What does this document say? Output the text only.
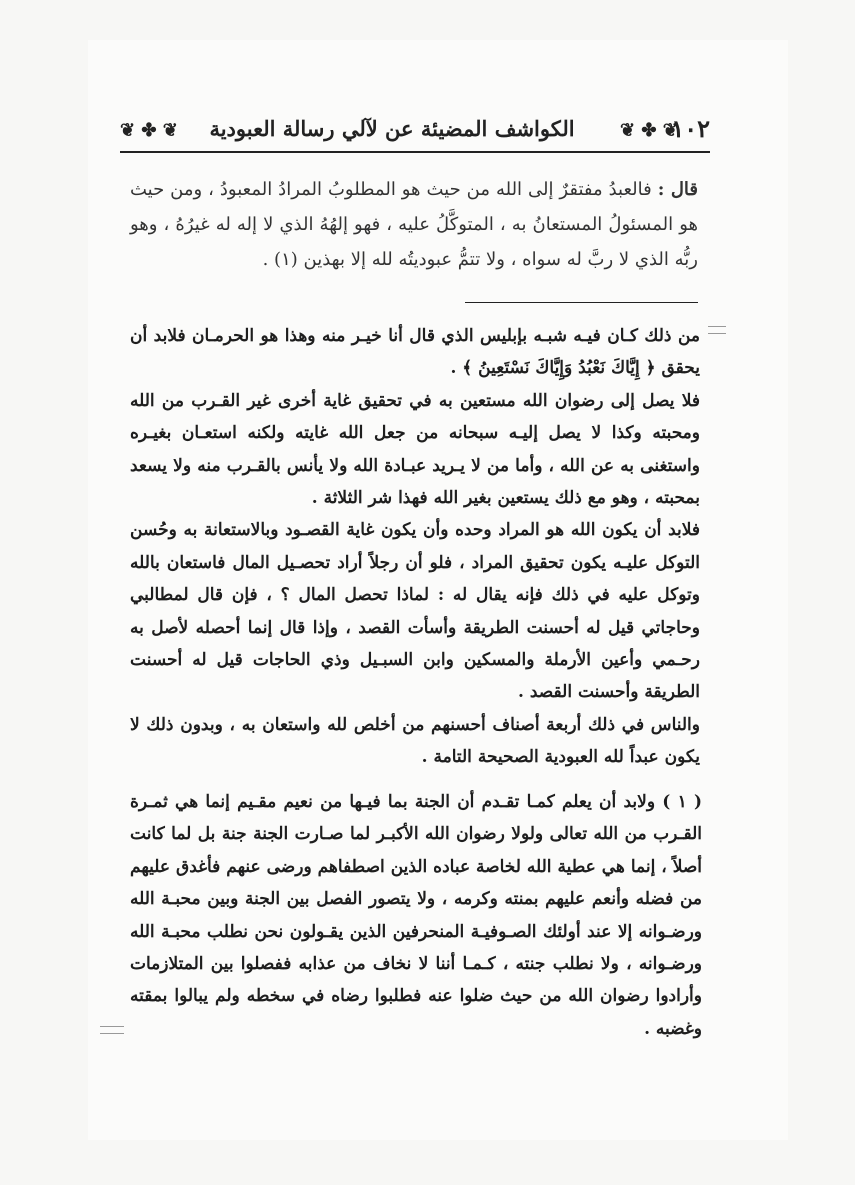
❦ ✤ ❦	الكواشف المضيئة عن لآلي رسالة العبودية	❦ ✤ ❦
١٠٢
قال : فالعبدُ مفتقرٌ إلى الله من حيث هو المطلوبُ المرادُ المعبودُ ، ومن حيث هو المسئولُ المستعانُ به ، المتوكَّلُ عليه ، فهو إلهُهُ الذي لا إله له غيرُهُ ، وهو ربُّه الذي لا ربَّ له سواه ، ولا تتمُّ عبوديتُه لله إلا بهذين (١) .

من ذلك كـان فيـه شبـه بإبليس الذي قال أنا خيـر منه وهذا هو الحرمـان فلابد أن يحقق ﴿ إِيَّاكَ نَعْبُدُ وَإِيَّاكَ نَسْتَعِينُ ﴾ .

فلا يصل إلى رضوان الله مستعين به في تحقيق غاية أخرى غير القـرب من الله ومحبته وكذا لا يصل إليـه سبحانه من جعل الله غايته ولكنه استعـان بغيـره واستغنى به عن الله ، وأما من لا يـريد عبـادة الله ولا يأنس بالقـرب منه ولا يسعد بمحبته ، وهو مع ذلك يستعين بغير الله فهذا شر الثلاثة .

فلابد أن يكون الله هو المراد وحده وأن يكون غاية القصـود وبالاستعانة به وحُسن التوكل عليـه يكون تحقيق المراد ، فلو أن رجلاً أراد تحصـيل المال فاستعان بالله وتوكل عليه في ذلك فإنه يقال له : لماذا تحصل المال ؟ ، فإن قال لمطالبي وحاجاتي قيل له أحسنت الطريقة وأسأت القصد ، وإذا قال إنما أحصله لأصل به رحـمي وأعين الأرملة والمسكين وابن السبـيل وذي الحاجات قيل له أحسنت الطريقة وأحسنت القصد .

والناس في ذلك أربعة أصناف أحسنهم من أخلص لله واستعان به ، وبدون ذلك لا يكون عبداً لله العبودية الصحيحة التامة .

( ١ ) ولابد أن يعلم كمـا تقـدم أن الجنة بما فيـها من نعيم مقـيم إنما هي ثمـرة القـرب من الله تعالى ولولا رضوان الله الأكبـر لما صـارت الجنة جنة بل لما كانت أصلاً ، إنما هي عطية الله لخاصة عباده الذين اصطفاهم ورضى عنهم فأغدق عليهم من فضله وأنعم عليهم بمنته وكرمه ، ولا يتصور الفصل بين الجنة وبين محبـة الله ورضـوانه إلا عند أولئك الصـوفيـة المنحرفين الذين يقـولون نحن نطلب محبـة الله ورضـوانه ، ولا نطلب جنته ، كـمـا أننا لا نخاف من عذابه ففصلوا بين المتلازمات وأرادوا رضوان الله من حيث ضلوا عنه فطلبوا رضاه في سخطه ولم يبالوا بمقته وغضبه .
